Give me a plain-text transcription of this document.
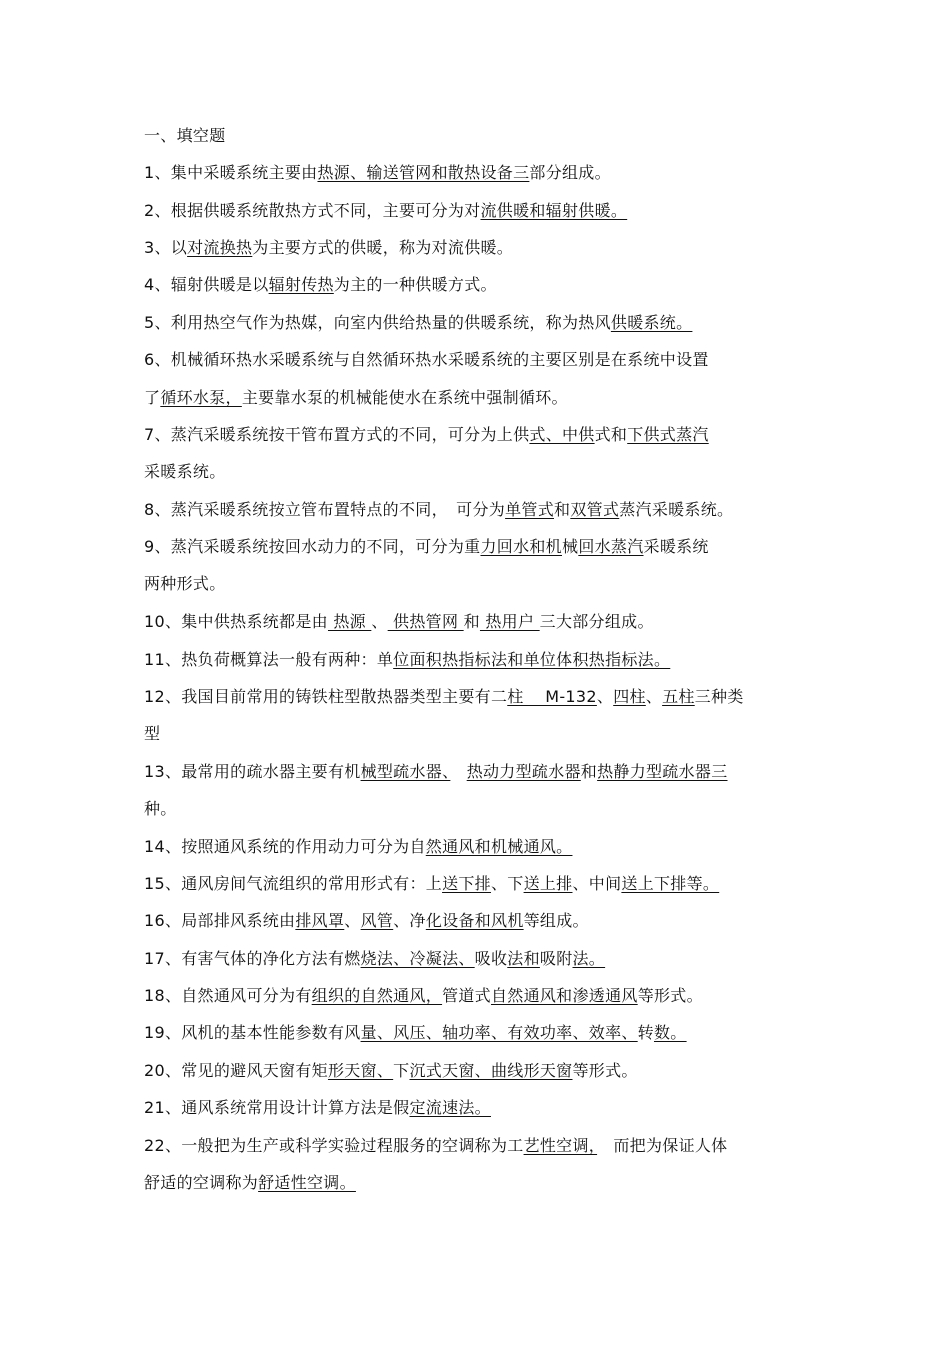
一、填空题
1、集中采暖系统主要由热源、输送管网和散热设备三部分组成。
2、根据供暖系统散热方式不同，主要可分为对流供暖和辐射供暖。
3、以对流换热为主要方式的供暖，称为对流供暖。
4、辐射供暖是以辐射传热为主的一种供暖方式。
5、利用热空气作为热媒，向室内供给热量的供暖系统，称为热风供暖系统。
6、机械循环热水采暖系统与自然循环热水采暖系统的主要区别是在系统中设置
了循环水泵，主要靠水泵的机械能使水在系统中强制循环。
7、蒸汽采暖系统按干管布置方式的不同，可分为上供式、中供式和下供式蒸汽
采暖系统。
8、蒸汽采暖系统按立管布置特点的不同，　可分为单管式和双管式蒸汽采暖系统。
9、蒸汽采暖系统按回水动力的不同，可分为重力回水和机械回水蒸汽采暖系统
两种形式。
10、集中供热系统都是由 热源 、 供热管网 和 热用户 三大部分组成。
11、热负荷概算法一般有两种：单位面积热指标法和单位体积热指标法。
12、我国目前常用的铸铁柱型散热器类型主要有二柱　 M-132、四柱、五柱三种类
型
13、最常用的疏水器主要有机械型疏水器、　 热动力型疏水器和热静力型疏水器三
种。
14、按照通风系统的作用动力可分为自然通风和机械通风。
15、通风房间气流组织的常用形式有：上送下排、下送上排、中间送上下排等。
16、局部排风系统由排风罩、风管、净化设备和风机等组成。
17、有害气体的净化方法有燃烧法、冷凝法、吸收法和吸附法。
18、自然通风可分为有组织的自然通风，管道式自然通风和渗透通风等形式。
19、风机的基本性能参数有风量、风压、轴功率、有效功率、效率、转数。
20、常见的避风天窗有矩形天窗、下沉式天窗、曲线形天窗等形式。
21、通风系统常用设计计算方法是假定流速法。
22、一般把为生产或科学实验过程服务的空调称为工艺性空调，　而把为保证人体
舒适的空调称为舒适性空调。
